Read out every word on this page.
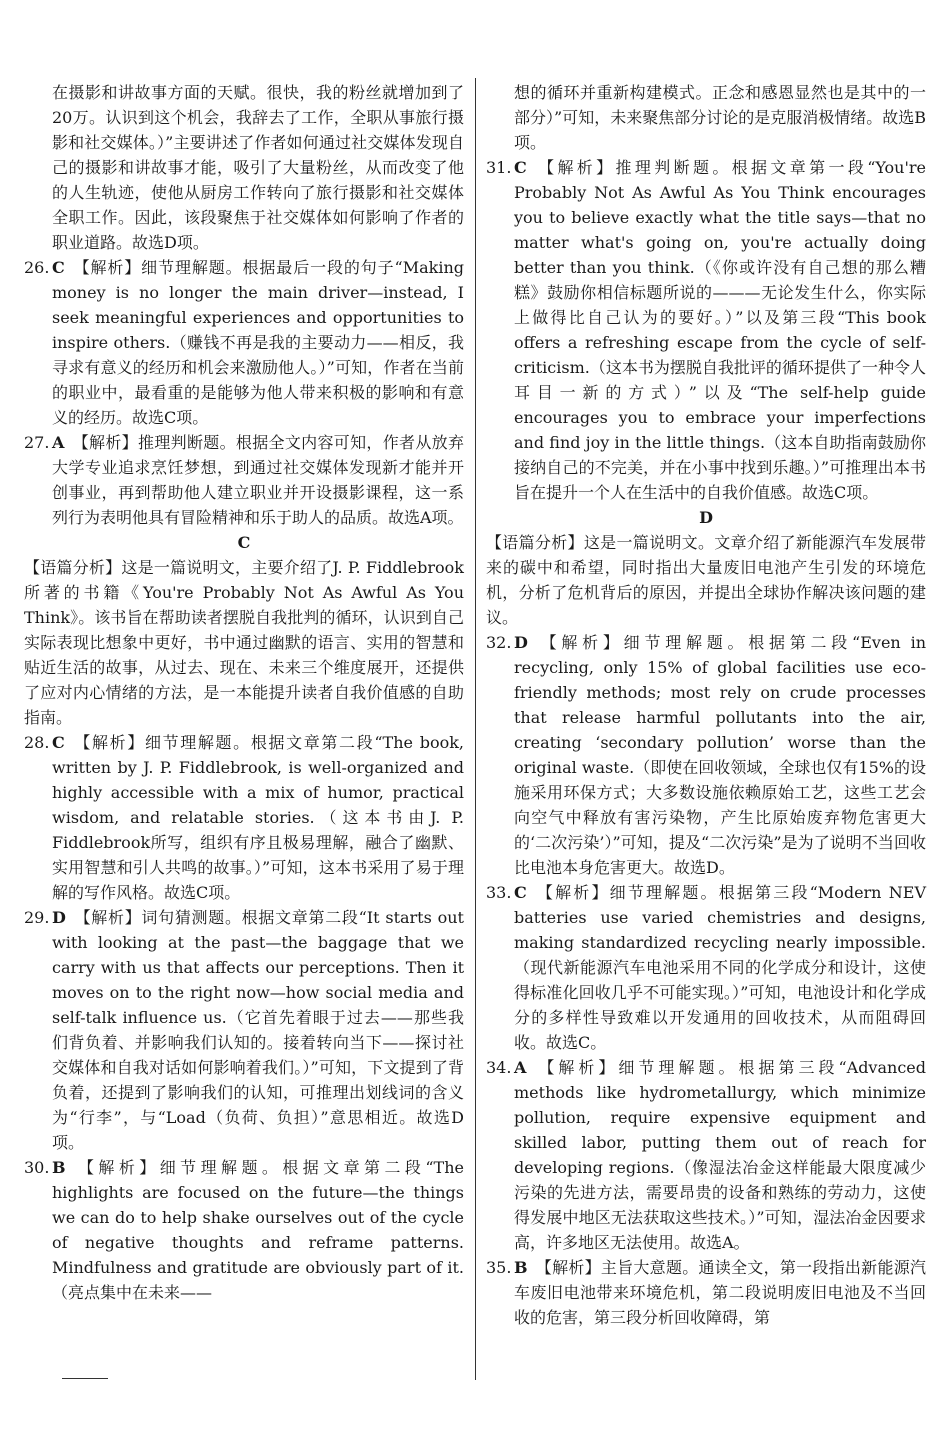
在摄影和讲故事方面的天赋。很快，我的粉丝就增加到了20万。认识到这个机会，我辞去了工作，全职从事旅行摄影和社交媒体。）”主要讲述了作者如何通过社交媒体发现自己的摄影和讲故事才能，吸引了大量粉丝，从而改变了他的人生轨迹，使他从厨房工作转向了旅行摄影和社交媒体全职工作。因此，该段聚焦于社交媒体如何影响了作者的职业道路。故选D项。

26. C 【解析】细节理解题。根据最后一段的句子“Making money is no longer the main driver—instead, I seek meaningful experiences and opportunities to inspire others.（赚钱不再是我的主要动力——相反，我寻求有意义的经历和机会来激励他人。）”可知，作者在当前的职业中，最看重的是能够为他人带来积极的影响和有意义的经历。故选C项。
27. A 【解析】推理判断题。根据全文内容可知，作者从放弃大学专业追求烹饪梦想，到通过社交媒体发现新才能并开创事业，再到帮助他人建立职业并开设摄影课程，这一系列行为表明他具有冒险精神和乐于助人的品质。故选A项。

C

【语篇分析】这是一篇说明文，主要介绍了J. P. Fiddlebrook所著的书籍《You're Probably Not As Awful As You Think》。该书旨在帮助读者摆脱自我批判的循环，认识到自己实际表现比想象中更好，书中通过幽默的语言、实用的智慧和贴近生活的故事，从过去、现在、未来三个维度展开，还提供了应对内心情绪的方法，是一本能提升读者自我价值感的自助指南。

28. C 【解析】细节理解题。根据文章第二段“The book, written by J. P. Fiddlebrook, is well-organized and highly accessible with a mix of humor, practical wisdom, and relatable stories.（这本书由J. P. Fiddlebrook所写，组织有序且极易理解，融合了幽默、实用智慧和引人共鸣的故事。）”可知，这本书采用了易于理解的写作风格。故选C项。
29. D 【解析】词句猜测题。根据文章第二段“It starts out with looking at the past—the baggage that we carry with us that affects our perceptions. Then it moves on to the right now—how social media and self-talk influence us.（它首先着眼于过去——那些我们背负着、并影响我们认知的。接着转向当下——探讨社交媒体和自我对话如何影响着我们。）”可知，下文提到了背负着，还提到了影响我们的认知，可推理出划线词的含义为“行李”，与“Load（负荷、负担）”意思相近。故选D项。
30. B 【解析】细节理解题。根据文章第二段“The highlights are focused on the future—the things we can do to help shake ourselves out of the cycle of negative thoughts and reframe patterns. Mindfulness and gratitude are obviously part of it.（亮点集中在未来——

想的循环并重新构建模式。正念和感恩显然也是其中的一部分）”可知，未来聚焦部分讨论的是克服消极情绪。故选B项。

31. C 【解析】推理判断题。根据文章第一段“You're Probably Not As Awful As You Think encourages you to believe exactly what the title says—that no matter what's going on, you're actually doing better than you think.（《你或许没有自己想的那么糟糕》鼓励你相信标题所说的———无论发生什么，你实际上做得比自己认为的要好。）”以及第三段“This book offers a refreshing escape from the cycle of self-criticism.（这本书为摆脱自我批评的循环提供了一种令人耳目一新的方式）”以及“The self-help guide encourages you to embrace your imperfections and find joy in the little things.（这本自助指南鼓励你接纳自己的不完美，并在小事中找到乐趣。）”可推理出本书旨在提升一个人在生活中的自我价值感。故选C项。

D

【语篇分析】这是一篇说明文。文章介绍了新能源汽车发展带来的碳中和希望，同时指出大量废旧电池产生引发的环境危机，分析了危机背后的原因，并提出全球协作解决该问题的建议。

32. D 【解析】细节理解题。根据第二段“Even in recycling, only 15% of global facilities use eco-friendly methods; most rely on crude processes that release harmful pollutants into the air, creating ‘secondary pollution’ worse than the original waste.（即使在回收领域，全球也仅有15%的设施采用环保方式；大多数设施依赖原始工艺，这些工艺会向空气中释放有害污染物，产生比原始废弃物危害更大的‘二次污染’）”可知，提及“二次污染”是为了说明不当回收比电池本身危害更大。故选D。
33. C 【解析】细节理解题。根据第三段“Modern NEV batteries use varied chemistries and designs, making standardized recycling nearly impossible.（现代新能源汽车电池采用不同的化学成分和设计，这使得标准化回收几乎不可能实现。）”可知，电池设计和化学成分的多样性导致难以开发通用的回收技术，从而阻碍回收。故选C。
34. A 【解析】细节理解题。根据第三段“Advanced methods like hydrometallurgy, which minimize pollution, require expensive equipment and skilled labor, putting them out of reach for developing regions.（像湿法冶金这样能最大限度减少污染的先进方法，需要昂贵的设备和熟练的劳动力，这使得发展中地区无法获取这些技术。）”可知，湿法冶金因要求高，许多地区无法使用。故选A。
35. B 【解析】主旨大意题。通读全文，第一段指出新能源汽车废旧电池带来环境危机，第二段说明废旧电池及不当回收的危害，第三段分析回收障碍，第
